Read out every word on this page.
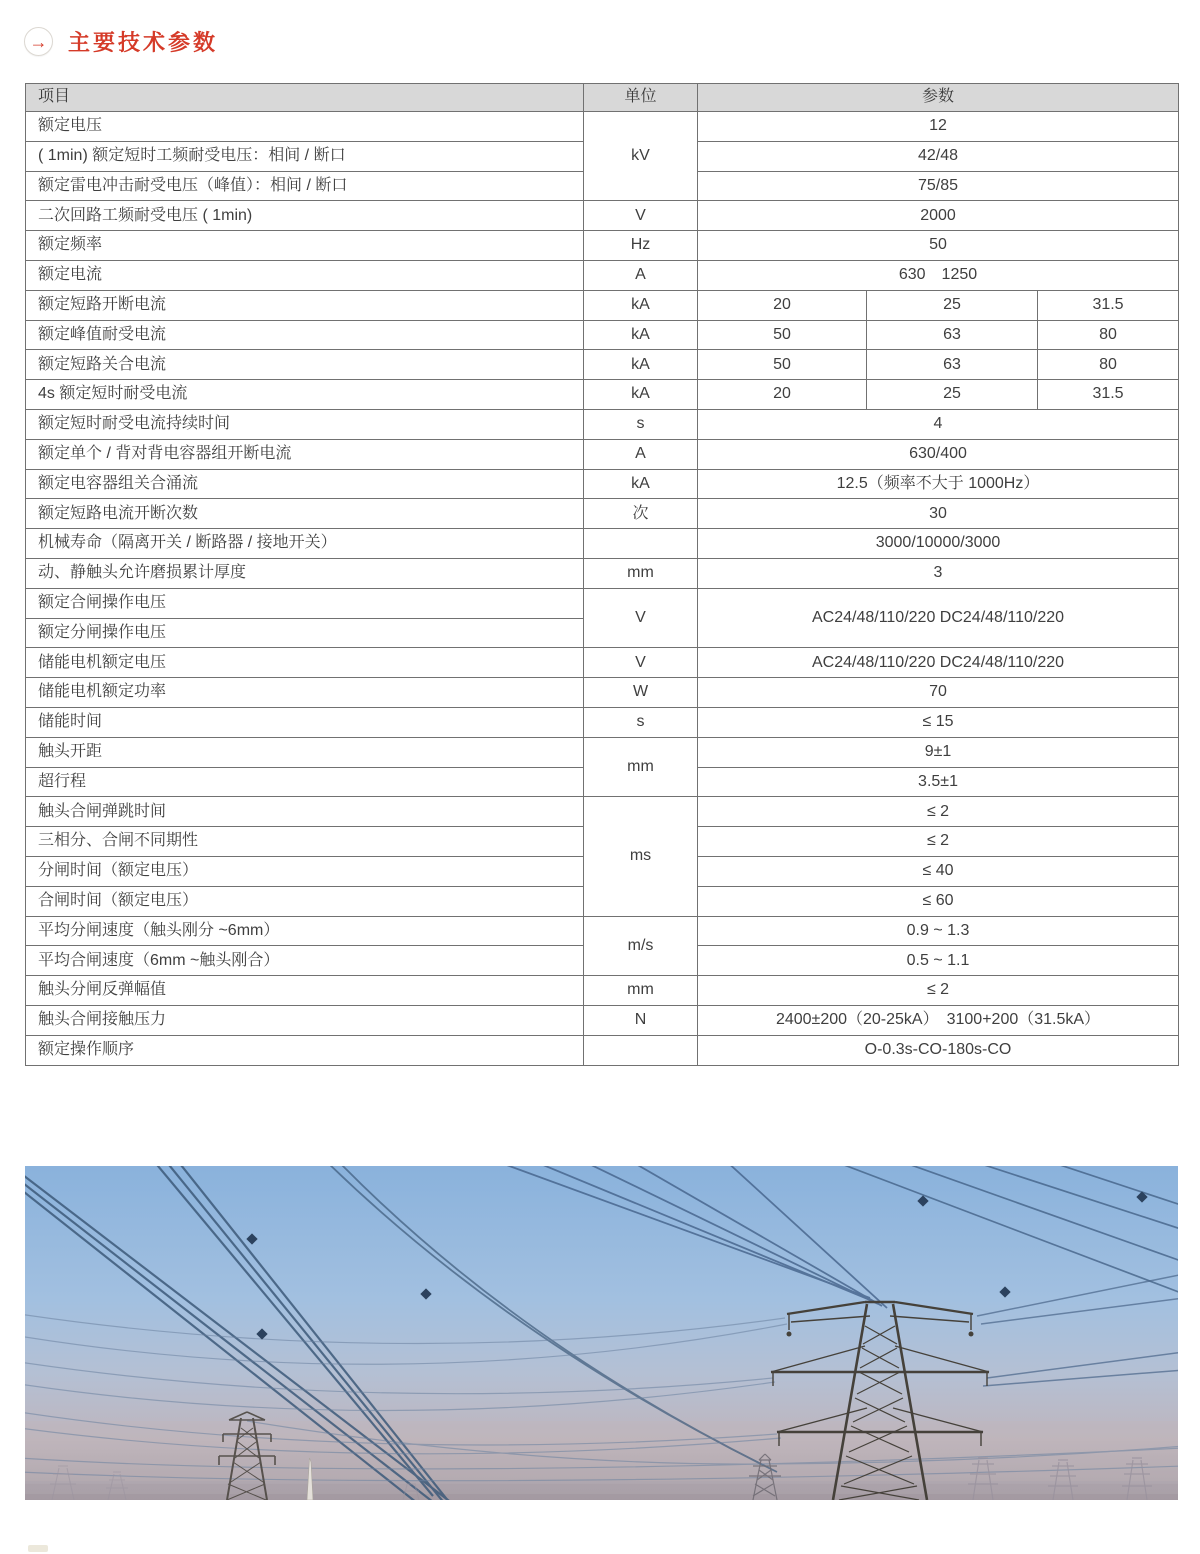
→ 主要技术参数
项目	单位	参数		
额定电压	kV	12		
( 1min) 额定短时工频耐受电压：相间 / 断口		42/48		
额定雷电冲击耐受电压（峰值）：相间 / 断口		75/85		
二次回路工频耐受电压 ( 1min)	V	2000		
额定频率	Hz	50		
额定电流	A	630　1250		
额定短路开断电流	kA	20	25	31.5
额定峰值耐受电流	kA	50	63	80
额定短路关合电流	kA	50	63	80
4s 额定短时耐受电流	kA	20	25	31.5
额定短时耐受电流持续时间	s	4		
额定单个 / 背对背电容器组开断电流	A	630/400		
额定电容器组关合涌流	kA	12.5（频率不大于 1000Hz）		
额定短路电流开断次数	次	30		
机械寿命（隔离开关 / 断路器 / 接地开关）		3000/10000/3000		
动、静触头允许磨损累计厚度	mm	3		
额定合闸操作电压	V	AC24/48/110/220 DC24/48/110/220		
额定分闸操作电压				
储能电机额定电压	V	AC24/48/110/220 DC24/48/110/220		
储能电机额定功率	W	70		
储能时间	s	≤ 15		
触头开距	mm	9±1		
超行程		3.5±1		
触头合闸弹跳时间	ms	≤ 2		
三相分、合闸不同期性		≤ 2		
分闸时间（额定电压）		≤ 40		
合闸时间（额定电压）		≤ 60		
平均分闸速度（触头刚分 ~6mm）	m/s	0.9 ~ 1.3		
平均合闸速度（6mm ~触头刚合）		0.5 ~ 1.1		
触头分闸反弹幅值	mm	≤ 2		
触头合闸接触压力	N	2400±200（20-25kA）　3100+200（31.5kA）		
额定操作顺序		O-0.3s-CO-180s-CO		
